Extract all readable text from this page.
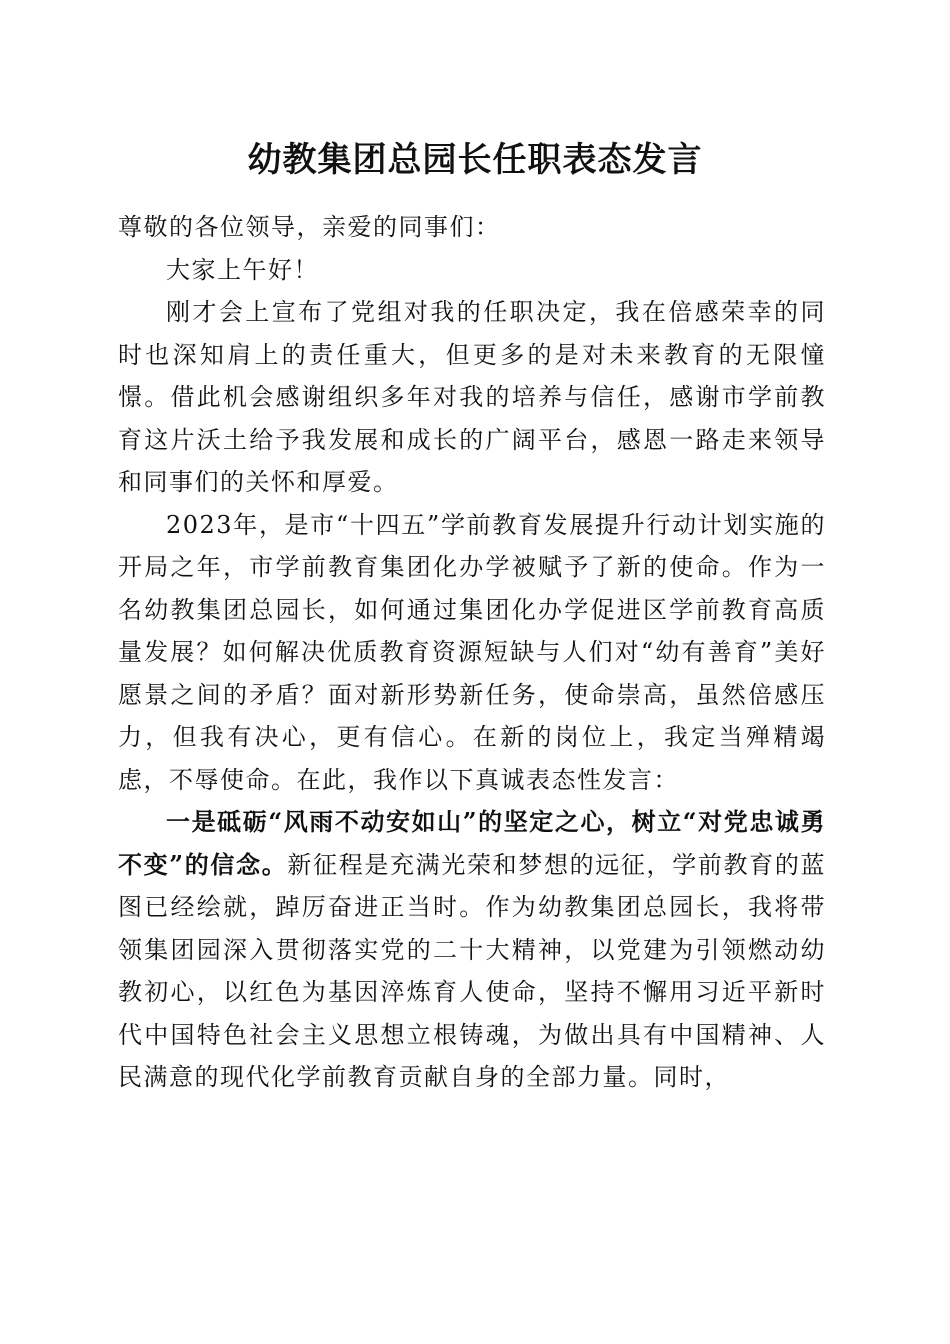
幼教集团总园长任职表态发言

尊敬的各位领导，亲爱的同事们：

大家上午好！

刚才会上宣布了党组对我的任职决定，我在倍感荣幸的同时也深知肩上的责任重大，但更多的是对未来教育的无限憧憬。借此机会感谢组织多年对我的培养与信任，感谢市学前教育这片沃土给予我发展和成长的广阔平台，感恩一路走来领导和同事们的关怀和厚爱。

2023年，是市“十四五”学前教育发展提升行动计划实施的开局之年，市学前教育集团化办学被赋予了新的使命。作为一名幼教集团总园长，如何通过集团化办学促进区学前教育高质量发展？如何解决优质教育资源短缺与人们对“幼有善育”美好愿景之间的矛盾？面对新形势新任务，使命崇高，虽然倍感压力，但我有决心，更有信心。在新的岗位上，我定当殚精竭虑，不辱使命。在此，我作以下真诚表态性发言：

一是砥砺“风雨不动安如山”的坚定之心，树立“对党忠诚勇不变”的信念。新征程是充满光荣和梦想的远征，学前教育的蓝图已经绘就，踔厉奋进正当时。作为幼教集团总园长，我将带领集团园深入贯彻落实党的二十大精神，以党建为引领燃动幼教初心，以红色为基因淬炼育人使命，坚持不懈用习近平新时代中国特色社会主义思想立根铸魂，为做出具有中国精神、人民满意的现代化学前教育贡献自身的全部力量。同时，
